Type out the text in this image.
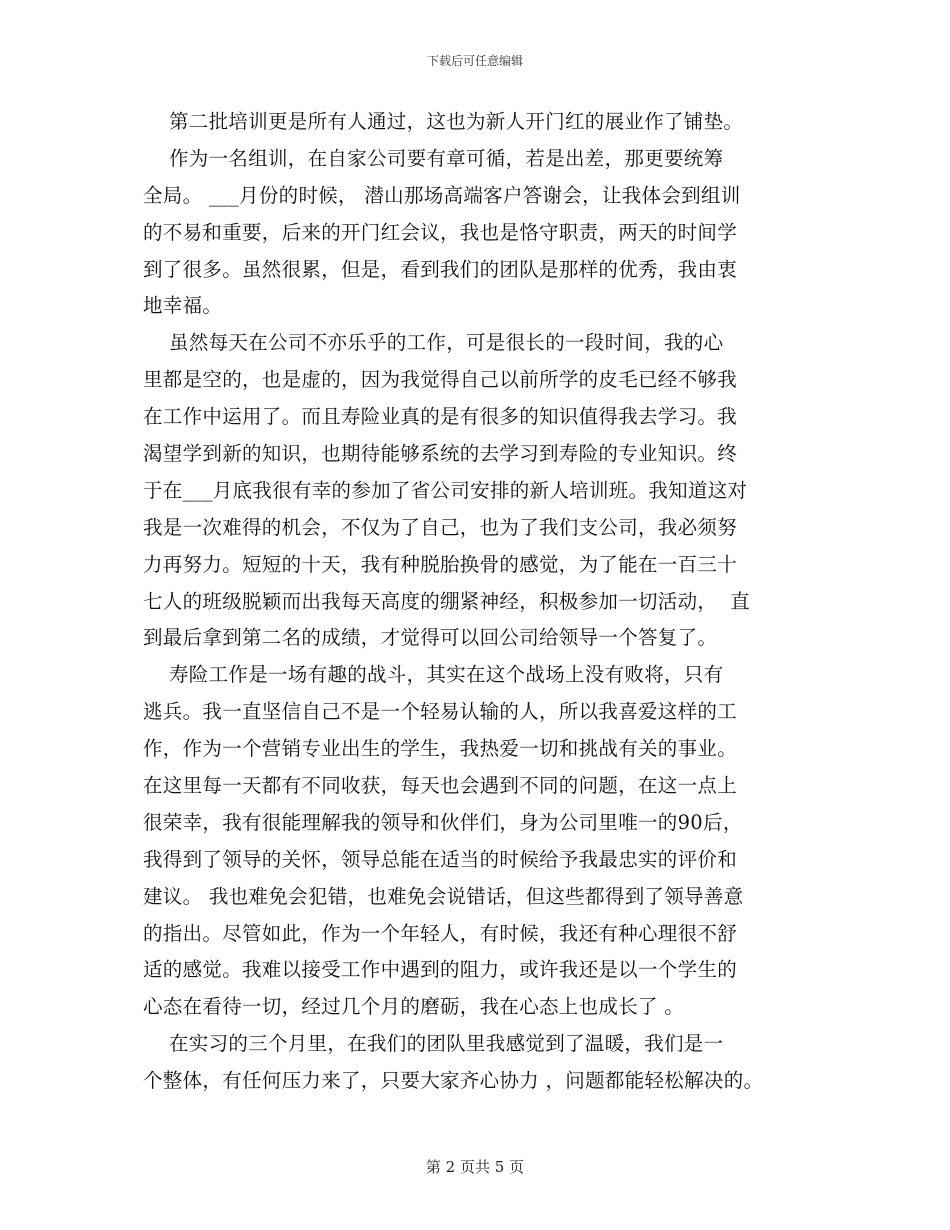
下载后可任意编辑
第二批培训更是所有人通过，这也为新人开门红的展业作了铺垫。
作为一名组训，在自家公司要有章可循，若是出差，那更要统筹
全局。 ___月份的时候， 潜山那场高端客户答谢会，让我体会到组训
的不易和重要，后来的开门红会议，我也是恪守职责，两天的时间学
到了很多。虽然很累，但是，看到我们的团队是那样的优秀，我由衷
地幸福。
虽然每天在公司不亦乐乎的工作，可是很长的一段时间，我的心
里都是空的，也是虚的，因为我觉得自己以前所学的皮毛已经不够我
在工作中运用了。而且寿险业真的是有很多的知识值得我去学习。我
渴望学到新的知识，也期待能够系统的去学习到寿险的专业知识。终
于在___月底我很有幸的参加了省公司安排的新人培训班。我知道这对
我是一次难得的机会，不仅为了自己，也为了我们支公司，我必须努
力再努力。短短的十天，我有种脱胎换骨的感觉，为了能在一百三十
七人的班级脱颖而出我每天高度的绷紧神经，积极参加一切活动，  直
到最后拿到第二名的成绩，才觉得可以回公司给领导一个答复了。
寿险工作是一场有趣的战斗，其实在这个战场上没有败将，只有
逃兵。我一直坚信自己不是一个轻易认输的人，所以我喜爱这样的工
作，作为一个营销专业出生的学生，我热爱一切和挑战有关的事业。
在这里每一天都有不同收获，每天也会遇到不同的问题，在这一点上
很荣幸，我有很能理解我的领导和伙伴们，身为公司里唯一的90后，
我得到了领导的关怀，领导总能在适当的时候给予我最忠实的评价和
建议。 我也难免会犯错，也难免会说错话，但这些都得到了领导善意
的指出。尽管如此，作为一个年轻人，有时候，我还有种心理很不舒
适的感觉。我难以接受工作中遇到的阻力，或许我还是以一个学生的
心态在看待一切，经过几个月的磨砺，我在心态上也成长了 。
在实习的三个月里，在我们的团队里我感觉到了温暖，我们是一
个整体，有任何压力来了，只要大家齐心协力 ，问题都能轻松解决的。
第 2 页共 5 页
